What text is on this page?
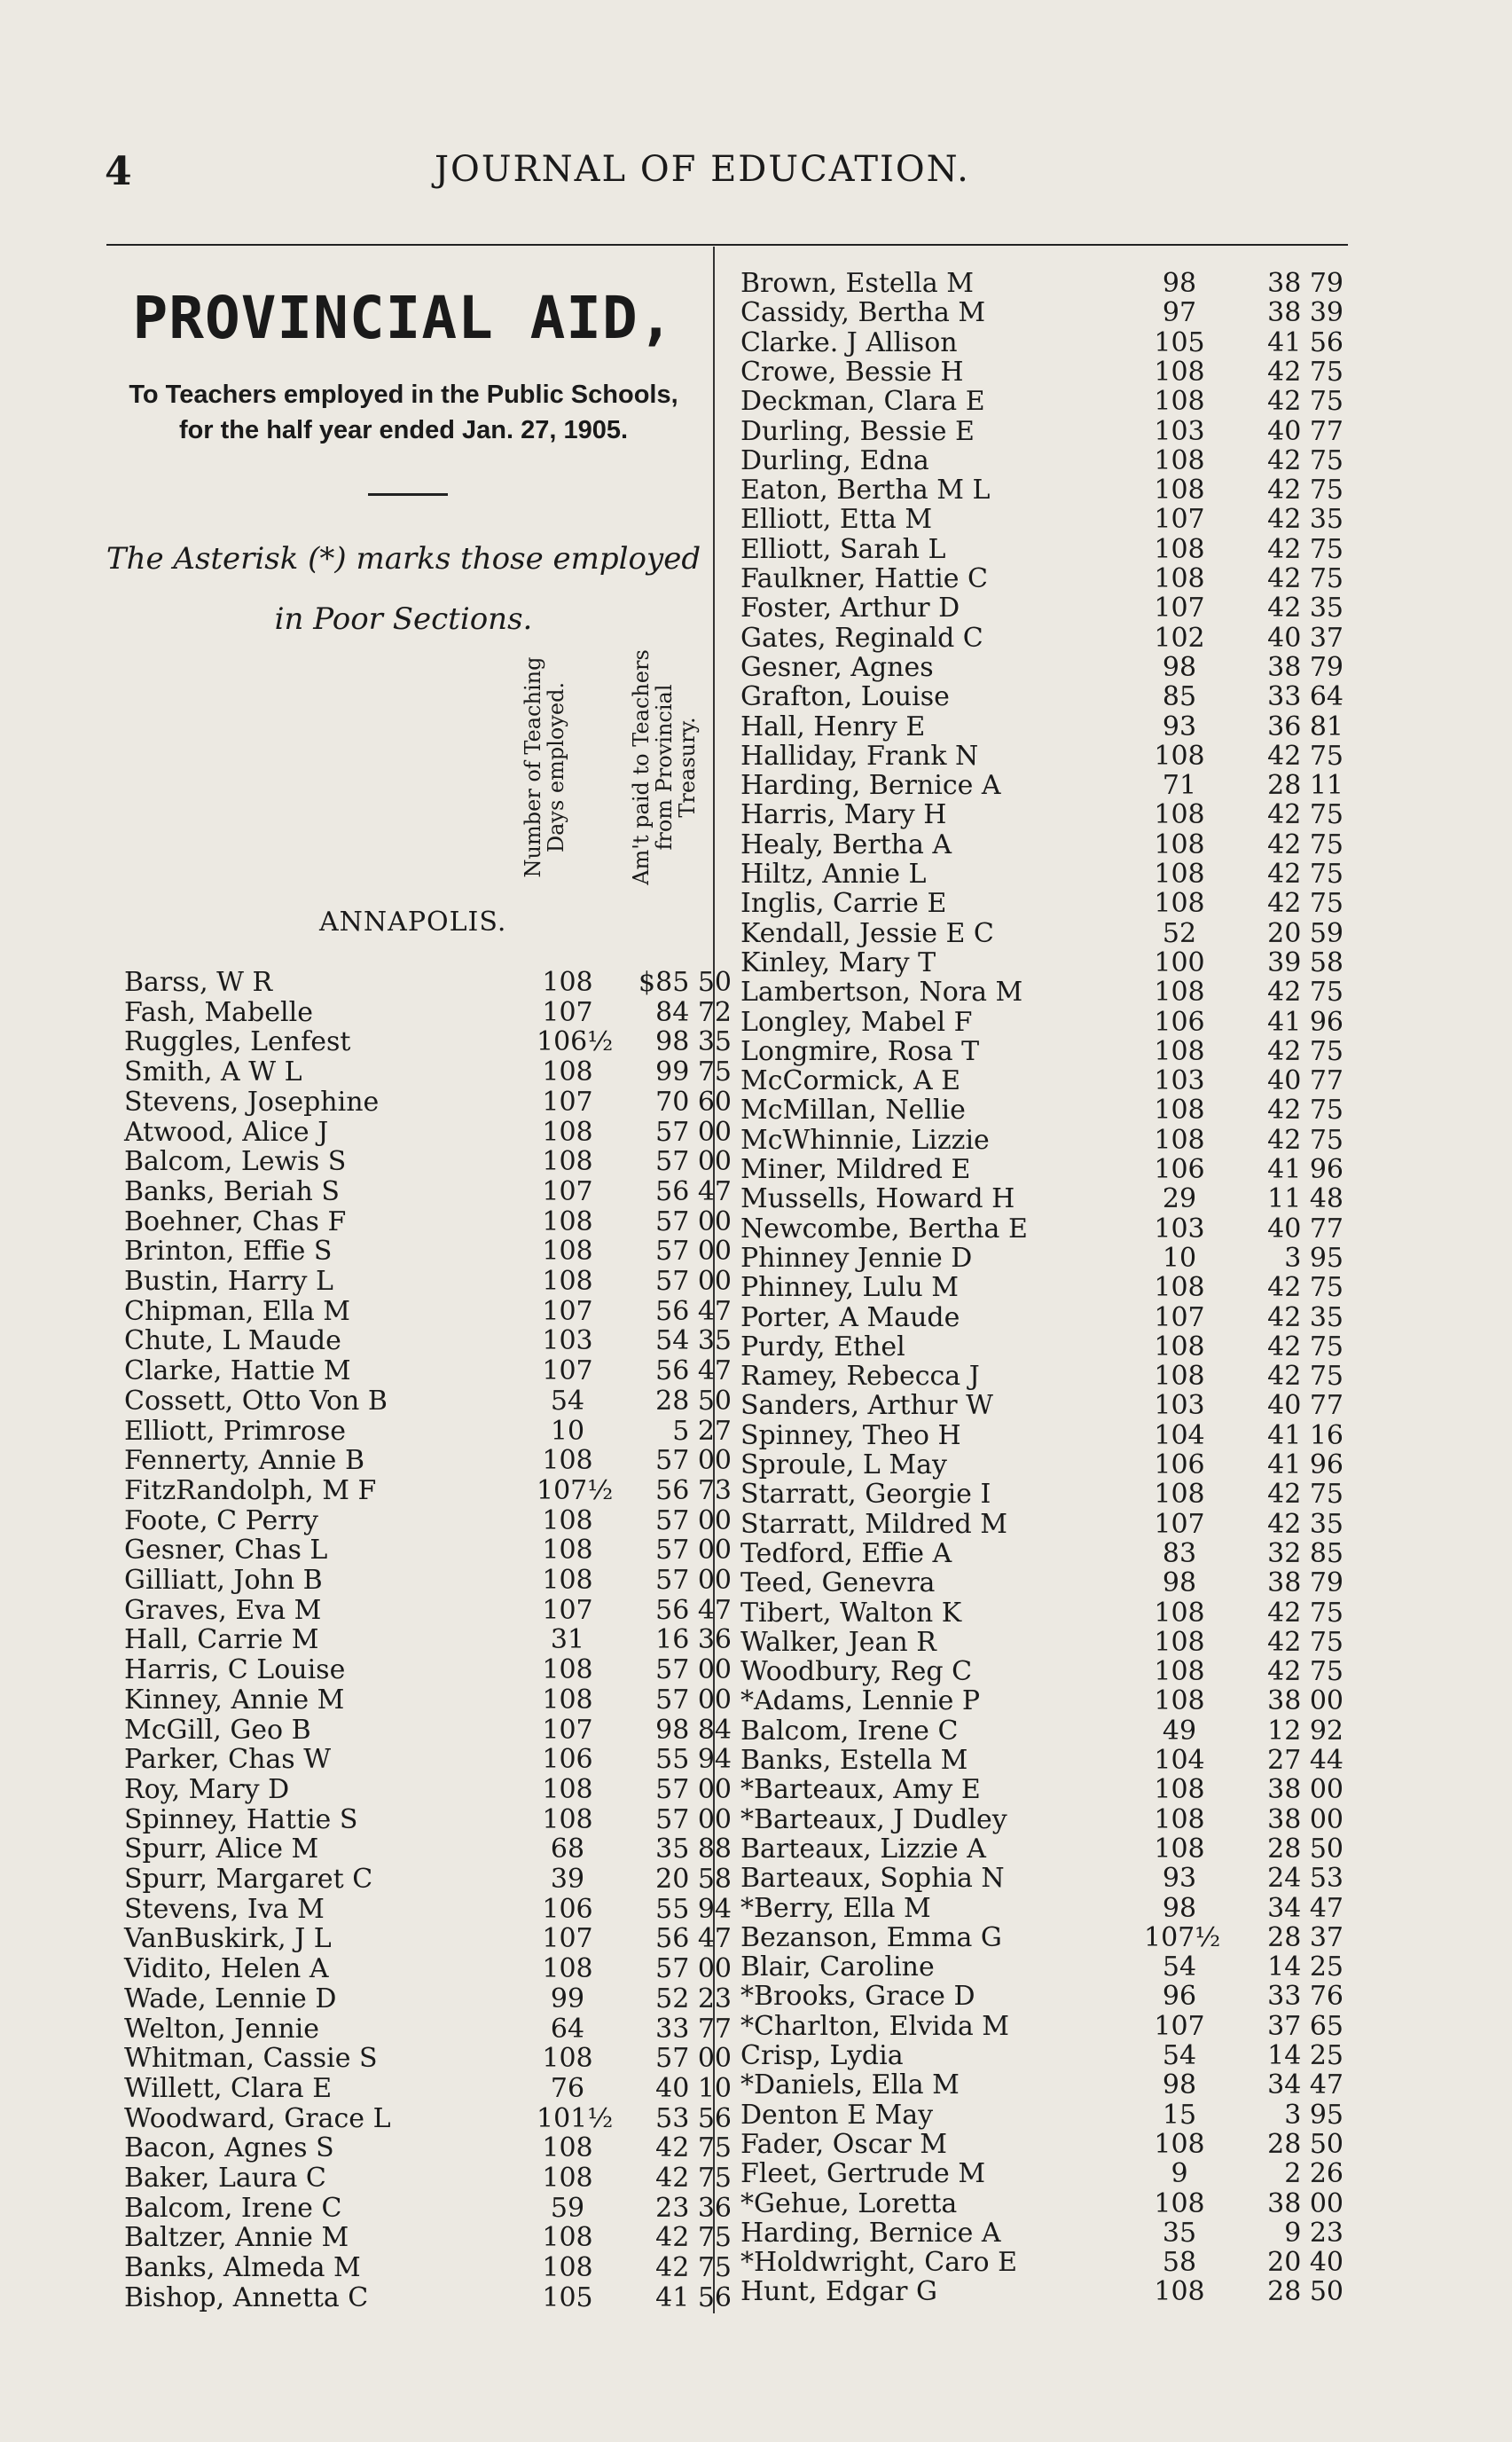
4	JOURNAL OF EDUCATION.
PROVINCIAL AID,
To Teachers employed in the Public Schools,
for the half year ended Jan. 27, 1905.
The Asterisk (*) marks those employed
in Poor Sections.
Number of Teaching Days employed.	Am't paid to Teachers from Provincial Treasury.
ANNAPOLIS.
Barss, W R	108	$85 50
Fash, Mabelle	107	84 72
Ruggles, Lenfest	106½	98 35
Smith, A W L	108	99 75
Stevens, Josephine	107	70 60
Atwood, Alice J	108	57 00
Balcom, Lewis S	108	57 00
Banks, Beriah S	107	56 47
Boehner, Chas F	108	57 00
Brinton, Effie S	108	57 00
Bustin, Harry L	108	57 00
Chipman, Ella M	107	56 47
Chute, L Maude	103	54 35
Clarke, Hattie M	107	56 47
Cossett, Otto Von B	54	28 50
Elliott, Primrose	10	5 27
Fennerty, Annie B	108	57 00
FitzRandolph, M F	107½	56 73
Foote, C Perry	108	57 00
Gesner, Chas L	108	57 00
Gilliatt, John B	108	57 00
Graves, Eva M	107	56 47
Hall, Carrie M	31	16 36
Harris, C Louise	108	57 00
Kinney, Annie M	108	57 00
McGill, Geo B	107	98 84
Parker, Chas W	106	55 94
Roy, Mary D	108	57 00
Spinney, Hattie S	108	57 00
Spurr, Alice M	68	35 88
Spurr, Margaret C	39	20 58
Stevens, Iva M	106	55 94
VanBuskirk, J L	107	56 47
Vidito, Helen A	108	57 00
Wade, Lennie D	99	52 23
Welton, Jennie	64	33 77
Whitman, Cassie S	108	57 00
Willett, Clara E	76	40 10
Woodward, Grace L	101½	53 56
Bacon, Agnes S	108	42 75
Baker, Laura C	108	42 75
Balcom, Irene C	59	23 36
Baltzer, Annie M	108	42 75
Banks, Almeda M	108	42 75
Bishop, Annetta C	105	41 56
Brown, Estella M	98	38 79
Cassidy, Bertha M	97	38 39
Clarke. J Allison	105	41 56
Crowe, Bessie H	108	42 75
Deckman, Clara E	108	42 75
Durling, Bessie E	103	40 77
Durling, Edna	108	42 75
Eaton, Bertha M L	108	42 75
Elliott, Etta M	107	42 35
Elliott, Sarah L	108	42 75
Faulkner, Hattie C	108	42 75
Foster, Arthur D	107	42 35
Gates, Reginald C	102	40 37
Gesner, Agnes	98	38 79
Grafton, Louise	85	33 64
Hall, Henry E	93	36 81
Halliday, Frank N	108	42 75
Harding, Bernice A	71	28 11
Harris, Mary H	108	42 75
Healy, Bertha A	108	42 75
Hiltz, Annie L	108	42 75
Inglis, Carrie E	108	42 75
Kendall, Jessie E C	52	20 59
Kinley, Mary T	100	39 58
Lambertson, Nora M	108	42 75
Longley, Mabel F	106	41 96
Longmire, Rosa T	108	42 75
McCormick, A E	103	40 77
McMillan, Nellie	108	42 75
McWhinnie, Lizzie	108	42 75
Miner, Mildred E	106	41 96
Mussells, Howard H	29	11 48
Newcombe, Bertha E	103	40 77
Phinney Jennie D	10	3 95
Phinney, Lulu M	108	42 75
Porter, A Maude	107	42 35
Purdy, Ethel	108	42 75
Ramey, Rebecca J	108	42 75
Sanders, Arthur W	103	40 77
Spinney, Theo H	104	41 16
Sproule, L May	106	41 96
Starratt, Georgie I	108	42 75
Starratt, Mildred M	107	42 35
Tedford, Effie A	83	32 85
Teed, Genevra	98	38 79
Tibert, Walton K	108	42 75
Walker, Jean R	108	42 75
Woodbury, Reg C	108	42 75
*Adams, Lennie P	108	38 00
Balcom, Irene C	49	12 92
Banks, Estella M	104	27 44
*Barteaux, Amy E	108	38 00
*Barteaux, J Dudley	108	38 00
Barteaux, Lizzie A	108	28 50
Barteaux, Sophia N	93	24 53
*Berry, Ella M	98	34 47
Bezanson, Emma G	107½	28 37
Blair, Caroline	54	14 25
*Brooks, Grace D	96	33 76
*Charlton, Elvida M	107	37 65
Crisp, Lydia	54	14 25
*Daniels, Ella M	98	34 47
Denton E May	15	3 95
Fader, Oscar M	108	28 50
Fleet, Gertrude M	9	2 26
*Gehue, Loretta	108	38 00
Harding, Bernice A	35	9 23
*Holdwright, Caro E	58	20 40
Hunt, Edgar G	108	28 50
